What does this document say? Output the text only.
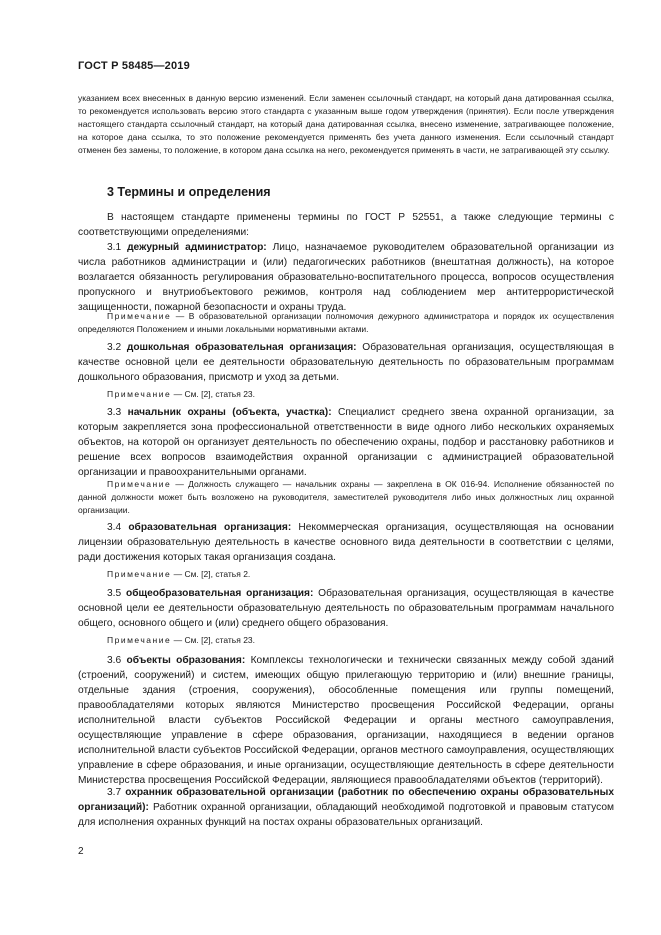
ГОСТ Р 58485—2019

указанием всех внесенных в данную версию изменений. Если заменен ссылочный стандарт, на который дана датированная ссылка, то рекомендуется использовать версию этого стандарта с указанным выше годом утверждения (принятия). Если после утверждения настоящего стандарта ссылочный стандарт, на который дана датированная ссылка, внесено изменение, затрагивающее положение, на которое дана ссылка, то это положение рекомендуется применять без учета данного изменения. Если ссылочный стандарт отменен без замены, то положение, в котором дана ссылка на него, рекомендуется применять в части, не затрагивающей эту ссылку.

3 Термины и определения

В настоящем стандарте применены термины по ГОСТ Р 52551, а также следующие термины с соответствующими определениями:

3.1 дежурный администратор: Лицо, назначаемое руководителем образовательной организации из числа работников администрации и (или) педагогических работников (внештатная должность), на которое возлагается обязанность регулирования образовательно-воспитательного процесса, вопросов осуществления пропускного и внутриобъектового режимов, контроля над соблюдением мер антитеррористической защищенности, пожарной безопасности и охраны труда.

Примечание — В образовательной организации полномочия дежурного администратора и порядок их осуществления определяются Положением и иными локальными нормативными актами.

3.2 дошкольная образовательная организация: Образовательная организация, осуществляющая в качестве основной цели ее деятельности образовательную деятельность по образовательным программам дошкольного образования, присмотр и уход за детьми.

Примечание — См. [2], статья 23.

3.3 начальник охраны (объекта, участка): Специалист среднего звена охранной организации, за которым закрепляется зона профессиональной ответственности в виде одного либо нескольких охраняемых объектов, на которой он организует деятельность по обеспечению охраны, подбор и расстановку работников и решение всех вопросов взаимодействия охранной организации с администрацией образовательной организации и правоохранительными органами.

Примечание — Должность служащего — начальник охраны — закреплена в ОК 016-94. Исполнение обязанностей по данной должности может быть возложено на руководителя, заместителей руководителя либо иных должностных лиц охранной организации.

3.4 образовательная организация: Некоммерческая организация, осуществляющая на основании лицензии образовательную деятельность в качестве основного вида деятельности в соответствии с целями, ради достижения которых такая организация создана.

Примечание — См. [2], статья 2.

3.5 общеобразовательная организация: Образовательная организация, осуществляющая в качестве основной цели ее деятельности образовательную деятельность по образовательным программам начального общего, основного общего и (или) среднего общего образования.

Примечание — См. [2], статья 23.

3.6 объекты образования: Комплексы технологически и технически связанных между собой зданий (строений, сооружений) и систем, имеющих общую прилегающую территорию и (или) внешние границы, отдельные здания (строения, сооружения), обособленные помещения или группы помещений, правообладателями которых являются Министерство просвещения Российской Федерации, органы исполнительной власти субъектов Российской Федерации и органы местного самоуправления, осуществляющие управление в сфере образования, организации, находящиеся в ведении органов исполнительной власти субъектов Российской Федерации, органов местного самоуправления, осуществляющих управление в сфере образования, и иные организации, осуществляющие деятельность в сфере деятельности Министерства просвещения Российской Федерации, являющиеся правообладателями объектов (территорий).

3.7 охранник образовательной организации (работник по обеспечению охраны образовательных организаций): Работник охранной организации, обладающий необходимой подготовкой и правовым статусом для исполнения охранных функций на постах охраны образовательных организаций.

2
